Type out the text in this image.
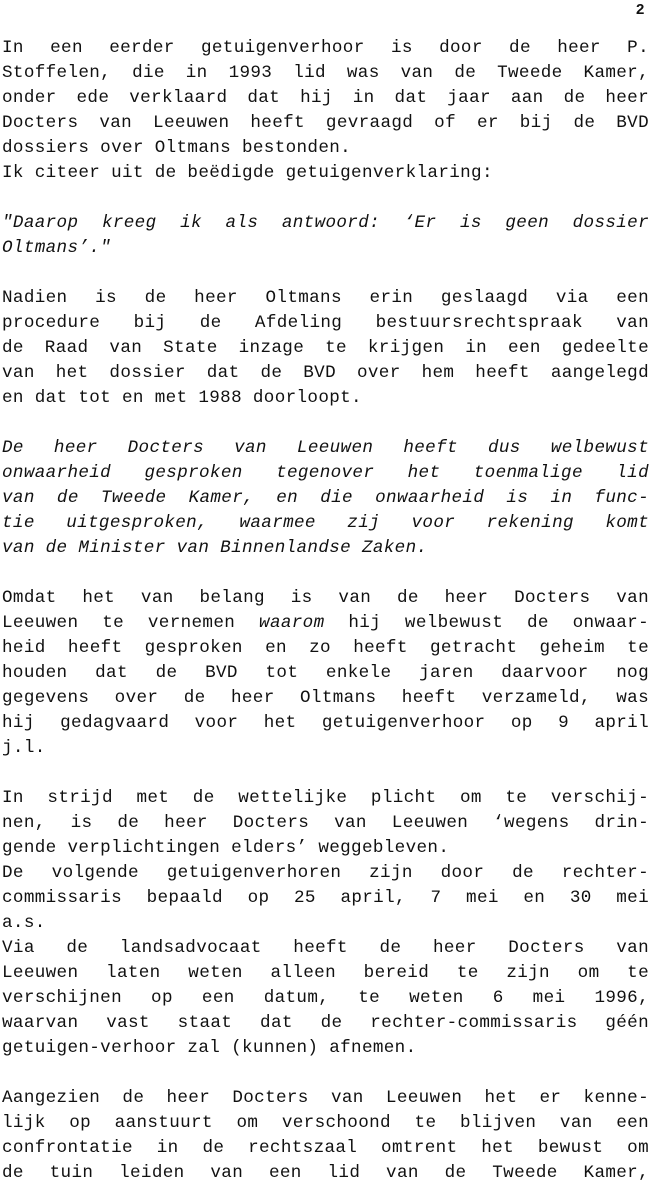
2

In een eerder getuigenverhoor is door de heer P.
Stoffelen, die in 1993 lid was van de Tweede Kamer,
onder ede verklaard dat hij in dat jaar aan de heer
Docters van Leeuwen heeft gevraagd of er bij de BVD
dossiers over Oltmans bestonden.

Ik citeer uit de beëdigde getuigenverklaring:

"Daarop kreeg ik als antwoord: ‘Er is geen dossier
Oltmans’."

Nadien is de heer Oltmans erin geslaagd via een
procedure bij de Afdeling bestuursrechtspraak van
de Raad van State inzage te krijgen in een gedeelte
van het dossier dat de BVD over hem heeft aangelegd
en dat tot en met 1988 doorloopt.

De heer Docters van Leeuwen heeft dus welbewust
onwaarheid gesproken tegenover het toenmalige lid
van de Tweede Kamer, en die onwaarheid is in func-
tie uitgesproken, waarmee zij voor rekening komt
van de Minister van Binnenlandse Zaken.

Omdat het van belang is van de heer Docters van
Leeuwen te vernemen waarom hij welbewust de onwaar-
heid heeft gesproken en zo heeft getracht geheim te
houden dat de BVD tot enkele jaren daarvoor nog
gegevens over de heer Oltmans heeft verzameld, was
hij gedagvaard voor het getuigenverhoor op 9 april
j.l.

In strijd met de wettelijke plicht om te verschij-
nen, is de heer Docters van Leeuwen ‘wegens drin-
gende verplichtingen elders’ weggebleven.

De volgende getuigenverhoren zijn door de rechter-
commissaris bepaald op 25 april, 7 mei en 30 mei
a.s.

Via de landsadvocaat heeft de heer Docters van
Leeuwen laten weten alleen bereid te zijn om te
verschijnen op een datum, te weten 6 mei 1996,
waarvan vast staat dat de rechter-commissaris géén
getuigen-verhoor zal (kunnen) afnemen.

Aangezien de heer Docters van Leeuwen het er kenne-
lijk op aanstuurt om verschoond te blijven van een
confrontatie in de rechtszaal omtrent het bewust om
de tuin leiden van een lid van de Tweede Kamer,
